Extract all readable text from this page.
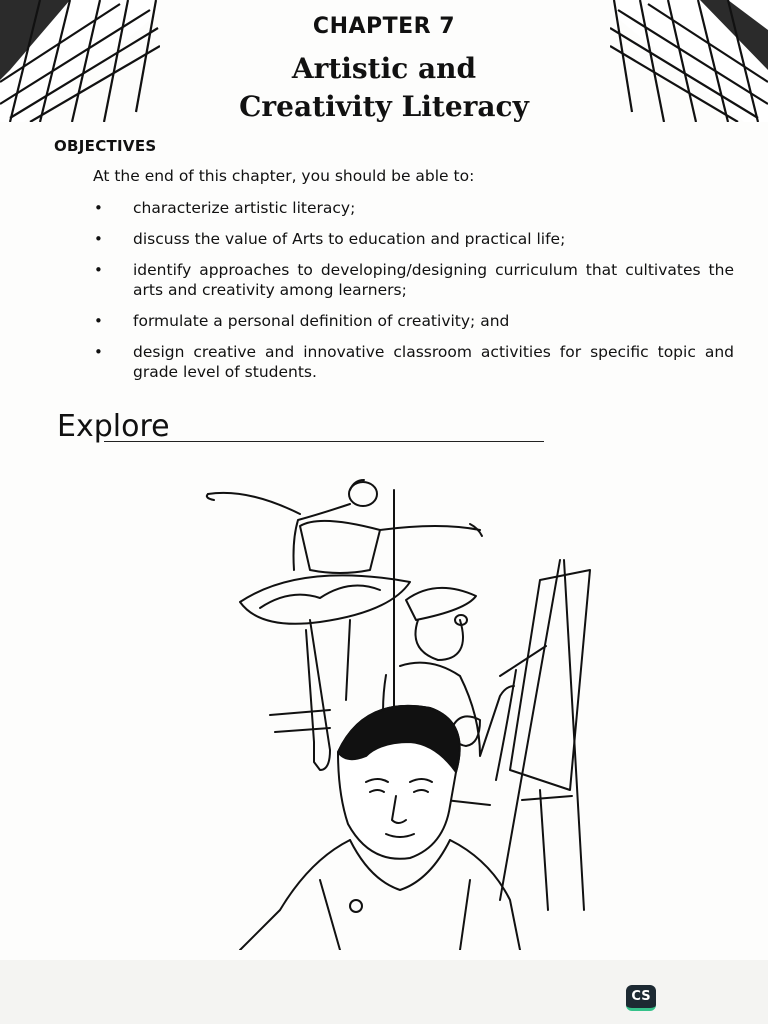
CHAPTER 7
Artistic and Creativity Literacy
OBJECTIVES
At the end of this chapter, you should be able to:
• characterize artistic literacy;
• discuss the value of Arts to education and practical life;
• identify approaches to developing/designing curriculum that cultivates the arts and creativity among learners;
• formulate a personal definition of creativity; and
• design creative and innovative classroom activities for specific topic and grade level of students.
Explore
CS
